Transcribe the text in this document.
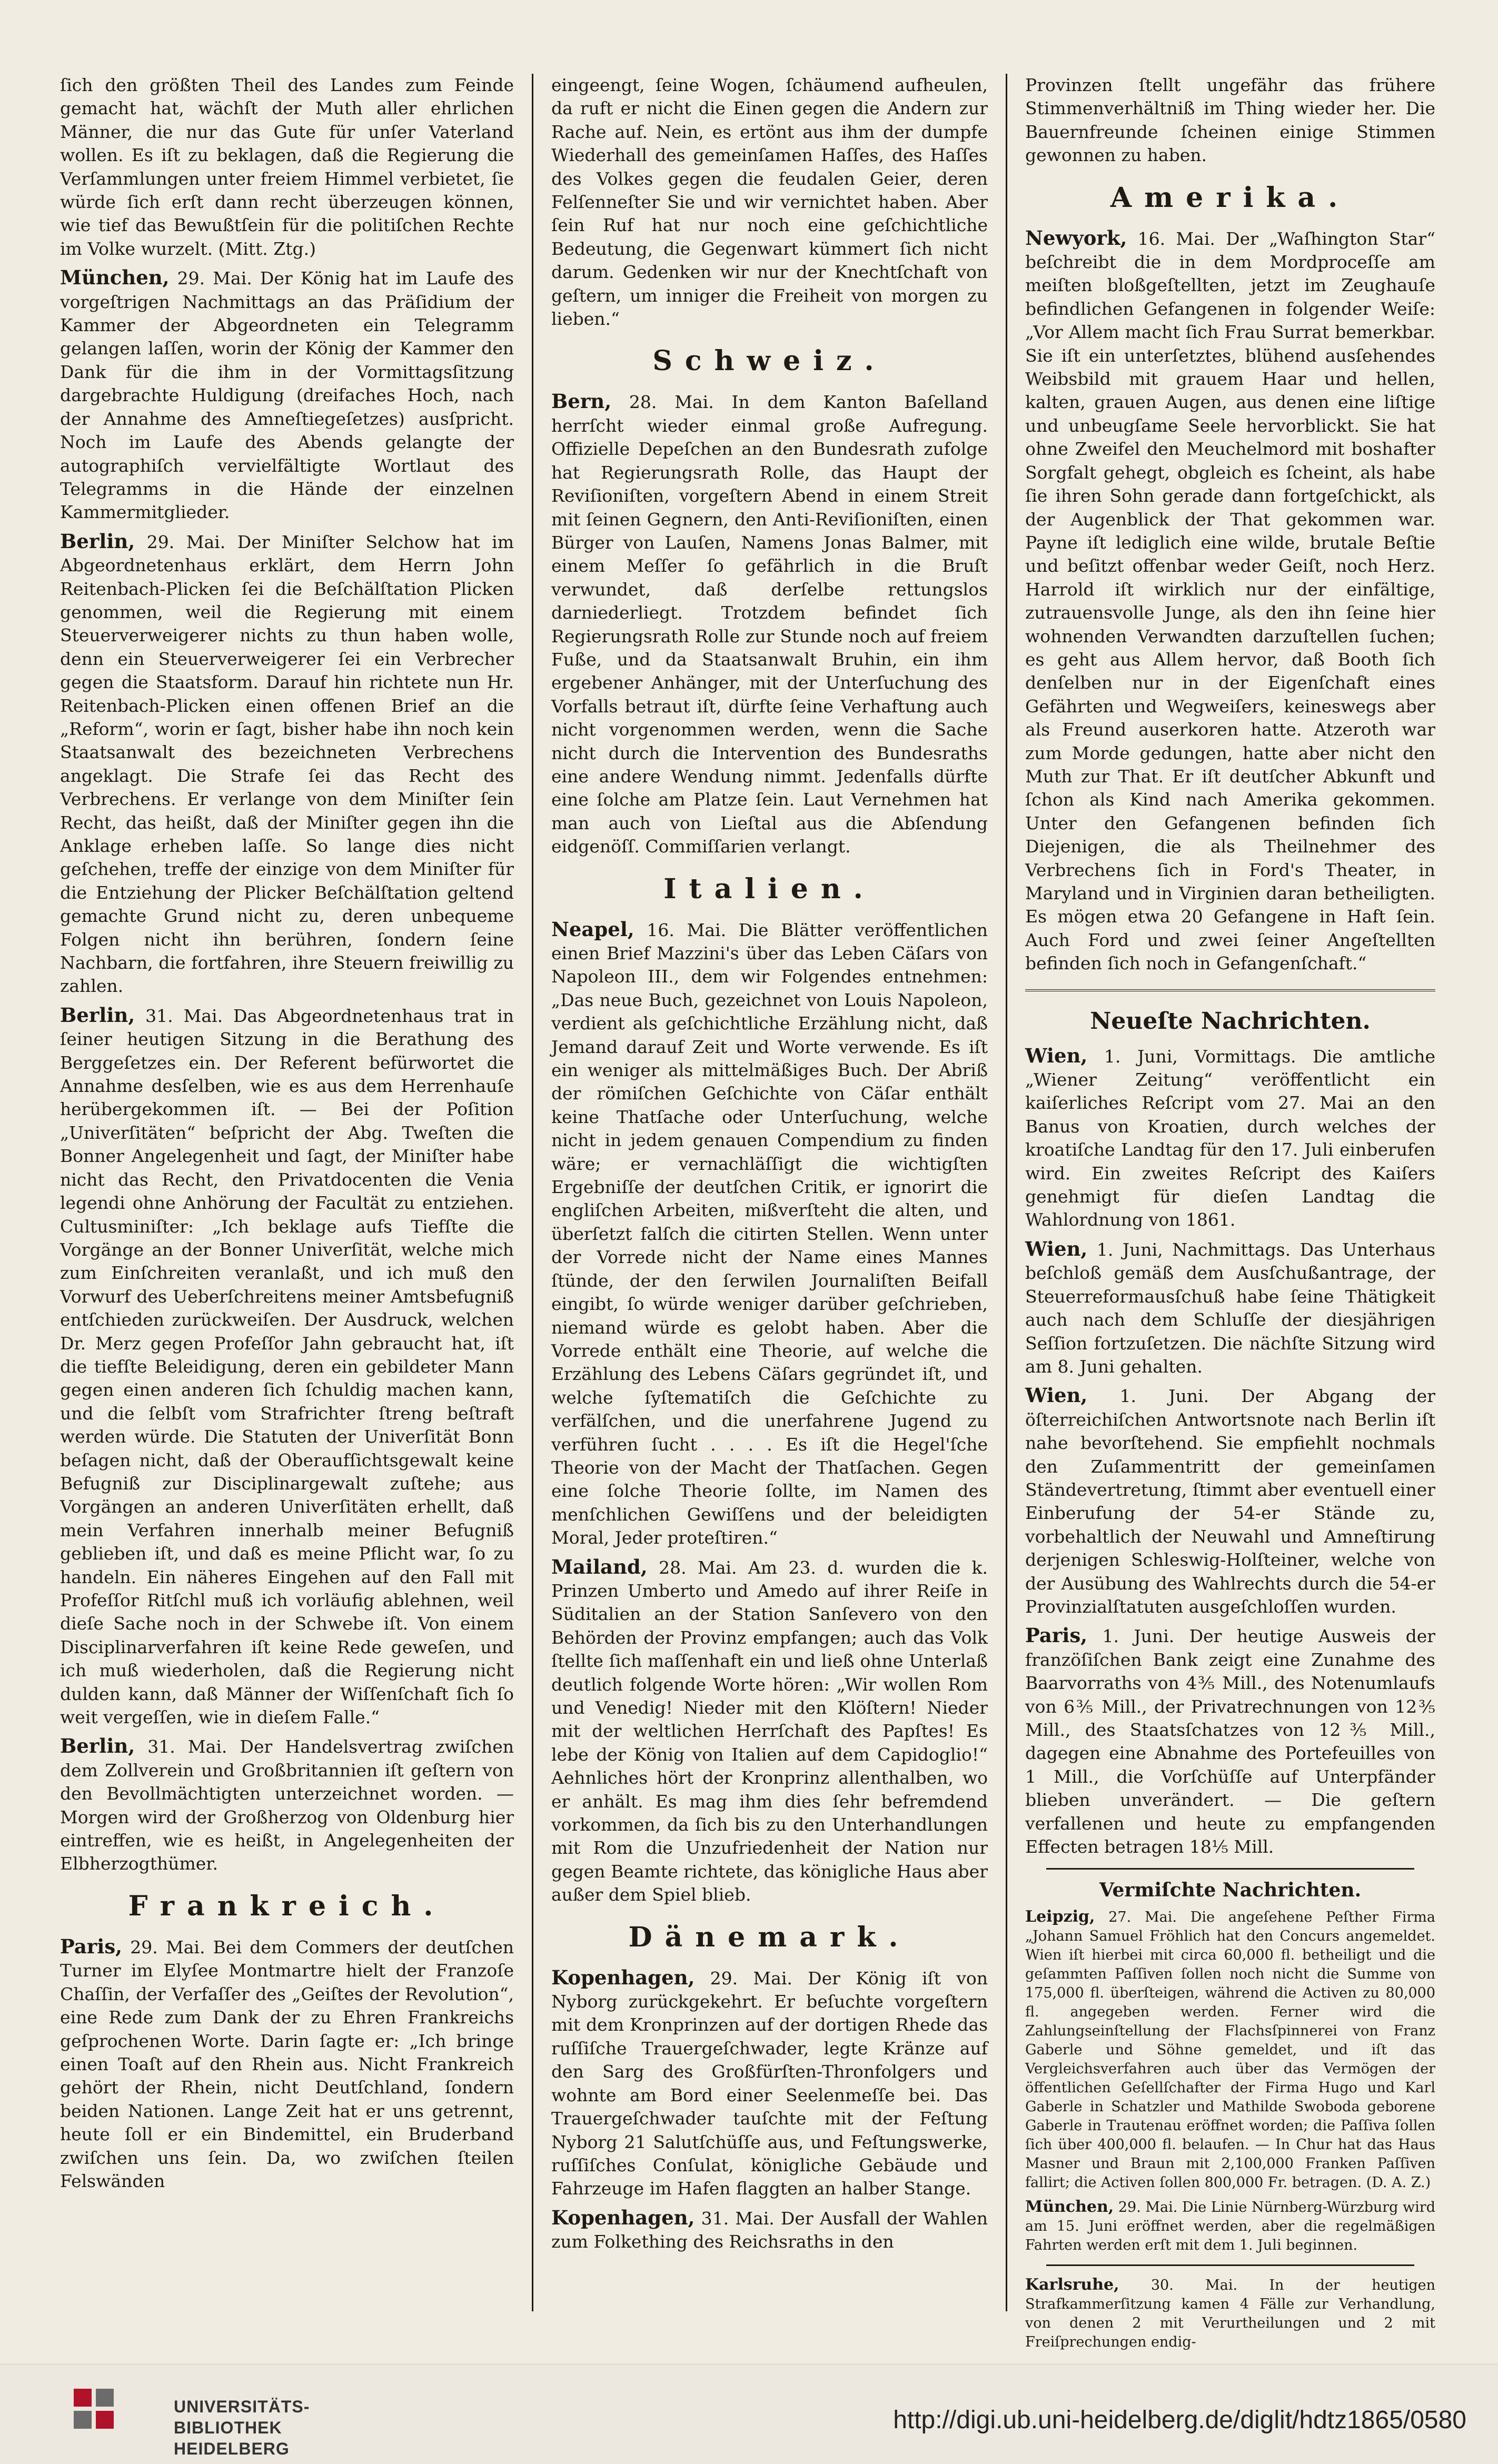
ſich den größten Theil des Landes zum Feinde gemacht hat, wächſt der Muth aller ehrlichen Männer, die nur das Gute für unſer Vaterland wollen. Es iſt zu beklagen, daß die Regierung die Verſammlungen unter freiem Himmel verbietet, ſie würde ſich erſt dann recht überzeugen können, wie tief das Bewußtſein für die politiſchen Rechte im Volke wurzelt. (Mitt. Ztg.)

München, 29. Mai. Der König hat im Laufe des vorgeſtrigen Nachmittags an das Präſidium der Kammer der Abgeordneten ein Telegramm gelangen laſſen, worin der König der Kammer den Dank für die ihm in der Vormittagsſitzung dargebrachte Huldigung (dreifaches Hoch, nach der Annahme des Amneſtiegeſetzes) ausſpricht. Noch im Laufe des Abends gelangte der autographiſch vervielfältigte Wortlaut des Telegramms in die Hände der einzelnen Kammermitglieder.

Berlin, 29. Mai. Der Miniſter Selchow hat im Abgeordnetenhaus erklärt, dem Herrn John Reitenbach-Plicken ſei die Beſchälſtation Plicken genommen, weil die Regierung mit einem Steuerverweigerer nichts zu thun haben wolle, denn ein Steuerverweigerer ſei ein Verbrecher gegen die Staatsform. Darauf hin richtete nun Hr. Reitenbach-Plicken einen offenen Brief an die „Reform“, worin er ſagt, bisher habe ihn noch kein Staatsanwalt des bezeichneten Verbrechens angeklagt. Die Strafe ſei das Recht des Verbrechens. Er verlange von dem Miniſter ſein Recht, das heißt, daß der Miniſter gegen ihn die Anklage erheben laſſe. So lange dies nicht geſchehen, treffe der einzige von dem Miniſter für die Entziehung der Plicker Beſchälſtation geltend gemachte Grund nicht zu, deren unbequeme Folgen nicht ihn berühren, ſondern ſeine Nachbarn, die fortfahren, ihre Steuern freiwillig zu zahlen.

Berlin, 31. Mai. Das Abgeordnetenhaus trat in ſeiner heutigen Sitzung in die Berathung des Berggeſetzes ein. Der Referent befürwortet die Annahme desſelben, wie es aus dem Herrenhauſe herübergekommen iſt. — Bei der Poſition „Univerſitäten“ beſpricht der Abg. Tweſten die Bonner Angelegenheit und ſagt, der Miniſter habe nicht das Recht, den Privatdocenten die Venia legendi ohne Anhörung der Facultät zu entziehen. Cultusminiſter: „Ich beklage aufs Tiefſte die Vorgänge an der Bonner Univerſität, welche mich zum Einſchreiten veranlaßt, und ich muß den Vorwurf des Ueberſchreitens meiner Amtsbefugniß entſchieden zurückweiſen. Der Ausdruck, welchen Dr. Merz gegen Profeſſor Jahn gebraucht hat, iſt die tiefſte Beleidigung, deren ein gebildeter Mann gegen einen anderen ſich ſchuldig machen kann, und die ſelbſt vom Strafrichter ſtreng beſtraft werden würde. Die Statuten der Univerſität Bonn beſagen nicht, daß der Oberaufſichtsgewalt keine Befugniß zur Disciplinargewalt zuſtehe; aus Vorgängen an anderen Univerſitäten erhellt, daß mein Verfahren innerhalb meiner Befugniß geblieben iſt, und daß es meine Pflicht war, ſo zu handeln. Ein näheres Eingehen auf den Fall mit Profeſſor Ritſchl muß ich vorläufig ablehnen, weil dieſe Sache noch in der Schwebe iſt. Von einem Disciplinarverfahren iſt keine Rede geweſen, und ich muß wiederholen, daß die Regierung nicht dulden kann, daß Männer der Wiſſenſchaft ſich ſo weit vergeſſen, wie in dieſem Falle.“

Berlin, 31. Mai. Der Handelsvertrag zwiſchen dem Zollverein und Großbritannien iſt geſtern von den Bevollmächtigten unterzeichnet worden. — Morgen wird der Großherzog von Oldenburg hier eintreffen, wie es heißt, in Angelegenheiten der Elbherzogthümer.

Frankreich.

Paris, 29. Mai. Bei dem Commers der deutſchen Turner im Elyſee Montmartre hielt der Franzoſe Chaſſin, der Verfaſſer des „Geiſtes der Revolution“, eine Rede zum Dank der zu Ehren Frankreichs geſprochenen Worte. Darin ſagte er: „Ich bringe einen Toaſt auf den Rhein aus. Nicht Frankreich gehört der Rhein, nicht Deutſchland, ſondern beiden Nationen. Lange Zeit hat er uns getrennt, heute ſoll er ein Bindemittel, ein Bruderband zwiſchen uns ſein. Da, wo zwiſchen ſteilen Felswänden

eingeengt, ſeine Wogen, ſchäumend aufheulen, da ruft er nicht die Einen gegen die Andern zur Rache auf. Nein, es ertönt aus ihm der dumpfe Wiederhall des gemeinſamen Haſſes, des Haſſes des Volkes gegen die feudalen Geier, deren Felſenneſter Sie und wir vernichtet haben. Aber ſein Ruf hat nur noch eine geſchichtliche Bedeutung, die Gegenwart kümmert ſich nicht darum. Gedenken wir nur der Knechtſchaft von geſtern, um inniger die Freiheit von morgen zu lieben.“

Schweiz.

Bern, 28. Mai. In dem Kanton Baſelland herrſcht wieder einmal große Aufregung. Offizielle Depeſchen an den Bundesrath zufolge hat Regierungsrath Rolle, das Haupt der Reviſioniſten, vorgeſtern Abend in einem Streit mit ſeinen Gegnern, den Anti-Reviſioniſten, einen Bürger von Lauſen, Namens Jonas Balmer, mit einem Meſſer ſo gefährlich in die Bruſt verwundet, daß derſelbe rettungslos darniederliegt. Trotzdem befindet ſich Regierungsrath Rolle zur Stunde noch auf freiem Fuße, und da Staatsanwalt Bruhin, ein ihm ergebener Anhänger, mit der Unterſuchung des Vorfalls betraut iſt, dürfte ſeine Verhaftung auch nicht vorgenommen werden, wenn die Sache nicht durch die Intervention des Bundesraths eine andere Wendung nimmt. Jedenfalls dürfte eine ſolche am Platze ſein. Laut Vernehmen hat man auch von Lieſtal aus die Abſendung eidgenöſſ. Commiſſarien verlangt.

Italien.

Neapel, 16. Mai. Die Blätter veröffentlichen einen Brief Mazzini's über das Leben Cäſars von Napoleon III., dem wir Folgendes entnehmen: „Das neue Buch, gezeichnet von Louis Napoleon, verdient als geſchichtliche Erzählung nicht, daß Jemand darauf Zeit und Worte verwende. Es iſt ein weniger als mittelmäßiges Buch. Der Abriß der römiſchen Geſchichte von Cäſar enthält keine Thatſache oder Unterſuchung, welche nicht in jedem genauen Compendium zu finden wäre; er vernachläſſigt die wichtigſten Ergebniſſe der deutſchen Critik, er ignorirt die engliſchen Arbeiten, mißverſteht die alten, und überſetzt falſch die citirten Stellen. Wenn unter der Vorrede nicht der Name eines Mannes ſtünde, der den ſerwilen Journaliſten Beifall eingibt, ſo würde weniger darüber geſchrieben, niemand würde es gelobt haben. Aber die Vorrede enthält eine Theorie, auf welche die Erzählung des Lebens Cäſars gegründet iſt, und welche ſyſtematiſch die Geſchichte zu verfälſchen, und die unerfahrene Jugend zu verführen ſucht . . . . Es iſt die Hegel'ſche Theorie von der Macht der Thatſachen. Gegen eine ſolche Theorie ſollte, im Namen des menſchlichen Gewiſſens und der beleidigten Moral, Jeder proteſtiren.“

Mailand, 28. Mai. Am 23. d. wurden die k. Prinzen Umberto und Amedo auf ihrer Reiſe in Süditalien an der Station Sanſevero von den Behörden der Provinz empfangen; auch das Volk ſtellte ſich maſſenhaft ein und ließ ohne Unterlaß deutlich folgende Worte hören: „Wir wollen Rom und Venedig! Nieder mit den Klöſtern! Nieder mit der weltlichen Herrſchaft des Papſtes! Es lebe der König von Italien auf dem Capidoglio!“ Aehnliches hört der Kronprinz allenthalben, wo er anhält. Es mag ihm dies ſehr befremdend vorkommen, da ſich bis zu den Unterhandlungen mit Rom die Unzufriedenheit der Nation nur gegen Beamte richtete, das königliche Haus aber außer dem Spiel blieb.

Dänemark.

Kopenhagen, 29. Mai. Der König iſt von Nyborg zurückgekehrt. Er beſuchte vorgeſtern mit dem Kronprinzen auf der dortigen Rhede das ruſſiſche Trauergeſchwader, legte Kränze auf den Sarg des Großfürſten-Thronfolgers und wohnte am Bord einer Seelenmeſſe bei. Das Trauergeſchwader tauſchte mit der Feſtung Nyborg 21 Salutſchüſſe aus, und Feſtungswerke, ruſſiſches Conſulat, königliche Gebäude und Fahrzeuge im Hafen flaggten an halber Stange.

Kopenhagen, 31. Mai. Der Ausfall der Wahlen zum Folkething des Reichsraths in den

Provinzen ſtellt ungefähr das frühere Stimmenverhältniß im Thing wieder her. Die Bauernfreunde ſcheinen einige Stimmen gewonnen zu haben.

Amerika.

Newyork, 16. Mai. Der „Waſhington Star“ beſchreibt die in dem Mordproceſſe am meiſten bloßgeſtellten, jetzt im Zeughauſe befindlichen Gefangenen in folgender Weiſe: „Vor Allem macht ſich Frau Surrat bemerkbar. Sie iſt ein unterſetztes, blühend ausſehendes Weibsbild mit grauem Haar und hellen, kalten, grauen Augen, aus denen eine liſtige und unbeugſame Seele hervorblickt. Sie hat ohne Zweifel den Meuchelmord mit boshafter Sorgfalt gehegt, obgleich es ſcheint, als habe ſie ihren Sohn gerade dann fortgeſchickt, als der Augenblick der That gekommen war. Payne iſt lediglich eine wilde, brutale Beſtie und beſitzt offenbar weder Geiſt, noch Herz. Harrold iſt wirklich nur der einfältige, zutrauensvolle Junge, als den ihn ſeine hier wohnenden Verwandten darzuſtellen ſuchen; es geht aus Allem hervor, daß Booth ſich denſelben nur in der Eigenſchaft eines Gefährten und Wegweiſers, keineswegs aber als Freund auserkoren hatte. Atzeroth war zum Morde gedungen, hatte aber nicht den Muth zur That. Er iſt deutſcher Abkunft und ſchon als Kind nach Amerika gekommen. Unter den Gefangenen befinden ſich Diejenigen, die als Theilnehmer des Verbrechens ſich in Ford's Theater, in Maryland und in Virginien daran betheiligten. Es mögen etwa 20 Gefangene in Haft ſein. Auch Ford und zwei ſeiner Angeſtellten befinden ſich noch in Gefangenſchaft.“

Neueſte Nachrichten.

Wien, 1. Juni, Vormittags. Die amtliche „Wiener Zeitung“ veröffentlicht ein kaiſerliches Reſcript vom 27. Mai an den Banus von Kroatien, durch welches der kroatiſche Landtag für den 17. Juli einberufen wird. Ein zweites Reſcript des Kaiſers genehmigt für dieſen Landtag die Wahlordnung von 1861.

Wien, 1. Juni, Nachmittags. Das Unterhaus beſchloß gemäß dem Ausſchußantrage, der Steuerreformausſchuß habe ſeine Thätigkeit auch nach dem Schluſſe der diesjährigen Seſſion fortzuſetzen. Die nächſte Sitzung wird am 8. Juni gehalten.

Wien, 1. Juni. Der Abgang der öſterreichiſchen Antwortsnote nach Berlin iſt nahe bevorſtehend. Sie empfiehlt nochmals den Zuſammentritt der gemeinſamen Ständevertretung, ſtimmt aber eventuell einer Einberufung der 54-er Stände zu, vorbehaltlich der Neuwahl und Amneſtirung derjenigen Schleswig-Holſteiner, welche von der Ausübung des Wahlrechts durch die 54-er Provinzialſtatuten ausgeſchloſſen wurden.

Paris, 1. Juni. Der heutige Ausweis der franzöſiſchen Bank zeigt eine Zunahme des Baarvorraths von 4⅗ Mill., des Notenumlaufs von 6⅗ Mill., der Privatrechnungen von 12⅗ Mill., des Staatsſchatzes von 12⅗ Mill., dagegen eine Abnahme des Portefeuilles von 1 Mill., die Vorſchüſſe auf Unterpfänder blieben unverändert. — Die geſtern verfallenen und heute zu empfangenden Effecten betragen 18⅕ Mill.

Vermiſchte Nachrichten.

Leipzig, 27. Mai. Die angeſehene Peſther Firma „Johann Samuel Fröhlich hat den Concurs angemeldet. Wien iſt hierbei mit circa 60,000 fl. betheiligt und die geſammten Paſſiven ſollen noch nicht die Summe von 175,000 fl. überſteigen, während die Activen zu 80,000 fl. angegeben werden. Ferner wird die Zahlungseinſtellung der Flachsſpinnerei von Franz Gaberle und Söhne gemeldet, und iſt das Vergleichsverfahren auch über das Vermögen der öffentlichen Geſellſchafter der Firma Hugo und Karl Gaberle in Schatzler und Mathilde Swoboda geborene Gaberle in Trautenau eröffnet worden; die Paſſiva ſollen ſich über 400,000 fl. belaufen. — In Chur hat das Haus Masner und Braun mit 2,100,000 Franken Paſſiven fallirt; die Activen ſollen 800,000 Fr. betragen. (D. A. Z.)

München, 29. Mai. Die Linie Nürnberg-Würzburg wird am 15. Juni eröffnet werden, aber die regelmäßigen Fahrten werden erſt mit dem 1. Juli beginnen.

Karlsruhe, 30. Mai. In der heutigen Strafkammerſitzung kamen 4 Fälle zur Verhandlung, von denen 2 mit Verurtheilungen und 2 mit Freiſprechungen endig-

UNIVERSITÄTS-
BIBLIOTHEK
HEIDELBERG

http://digi.ub.uni-heidelberg.de/diglit/hdtz1865/0580
